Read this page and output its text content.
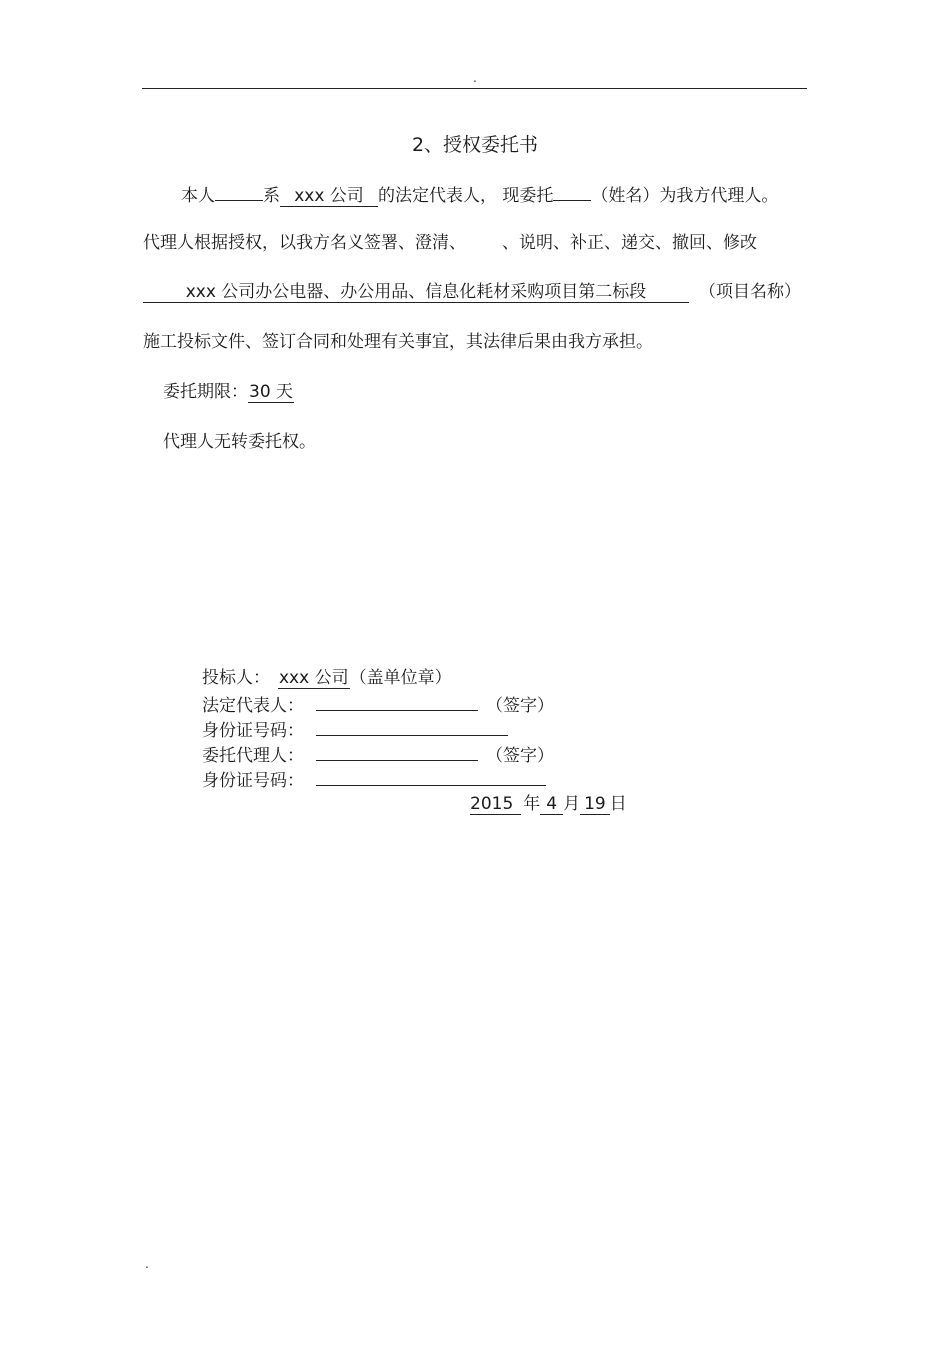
.
2、授权委托书
本人	系 xxx 公司 的法定代表人， 现委托 （姓名）为我方代理人。
代理人根据授权，以我方名义签署、澄清、 、说明、补正、递交、撤回、修改
xxx 公司办公电器、办公用品、信息化耗材采购项目第二标段	（项目名称）
施工投标文件、签订合同和处理有关事宜，其法律后果由我方承担。
委托期限：30 天
代理人无转委托权。
投标人： xxx 公司（盖单位章）
法定代表人：	（签字）
身份证号码：
委托代理人：	（签字）
身份证号码：
2015 年 4 月 19 日
.
